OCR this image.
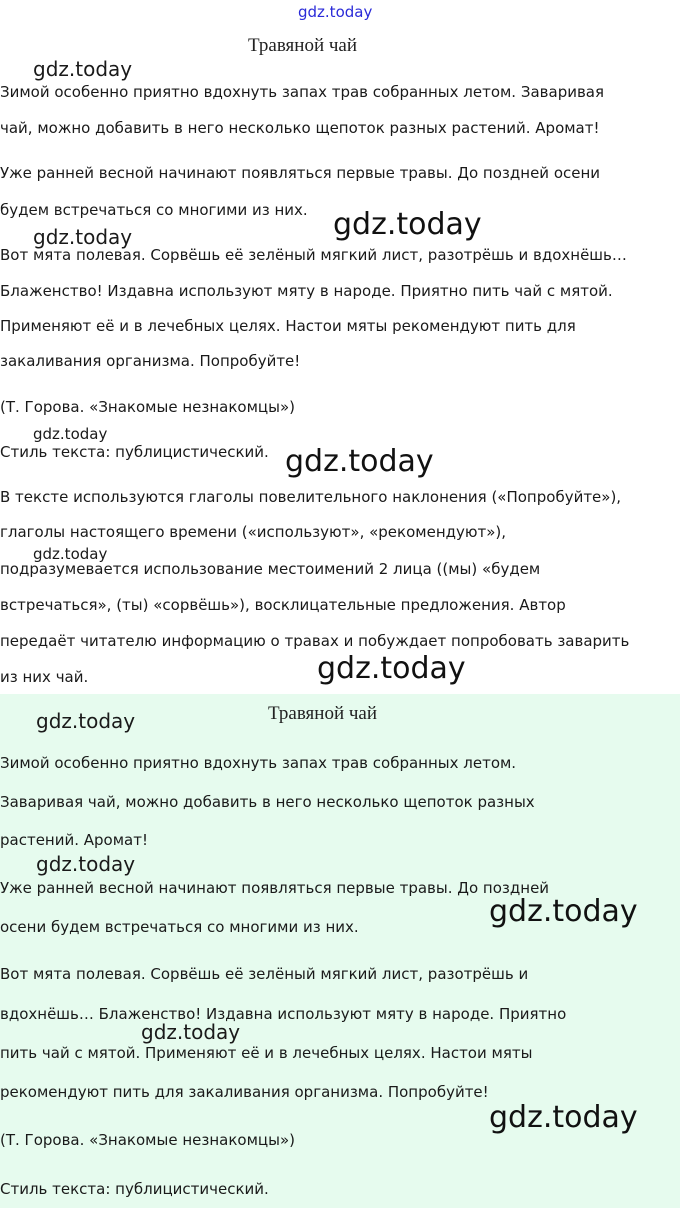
gdz.today
Травяной чай
Зимой особенно приятно вдохнуть запах трав собранных летом. Заваривая
чай, можно добавить в него несколько щепоток разных растений. Аромат!
Уже ранней весной начинают появляться первые травы. До поздней осени
будем встречаться со многими из них.
Вот мята полевая. Сорвёшь её зелёный мягкий лист, разотрёшь и вдохнёшь…
Блаженство! Издавна используют мяту в народе. Приятно пить чай с мятой.
Применяют её и в лечебных целях. Настои мяты рекомендуют пить для
закаливания организма. Попробуйте!
(Т. Горова. «Знакомые незнакомцы»)
Стиль текста: публицистический.
В тексте используются глаголы повелительного наклонения («Попробуйте»),
глаголы настоящего времени («используют», «рекомендуют»),
подразумевается использование местоимений 2 лица ((мы) «будем
встречаться», (ты) «сорвёшь»), восклицательные предложения. Автор
передаёт читателю информацию о травах и побуждает попробовать заварить
из них чай.
gdz.today
gdz.today	gdz.today
gdz.today
gdz.today
gdz.today
gdz.today
Травяной чай
Зимой особенно приятно вдохнуть запах трав собранных летом.
Заваривая чай, можно добавить в него несколько щепоток разных
растений. Аромат!
Уже ранней весной начинают появляться первые травы. До поздней
осени будем встречаться со многими из них.
Вот мята полевая. Сорвёшь её зелёный мягкий лист, разотрёшь и
вдохнёшь… Блаженство! Издавна используют мяту в народе. Приятно
пить чай с мятой. Применяют её и в лечебных целях. Настои мяты
рекомендуют пить для закаливания организма. Попробуйте!
(Т. Горова. «Знакомые незнакомцы»)
Стиль текста: публицистический.
gdz.today
gdz.today
gdz.today
gdz.today
gdz.today
